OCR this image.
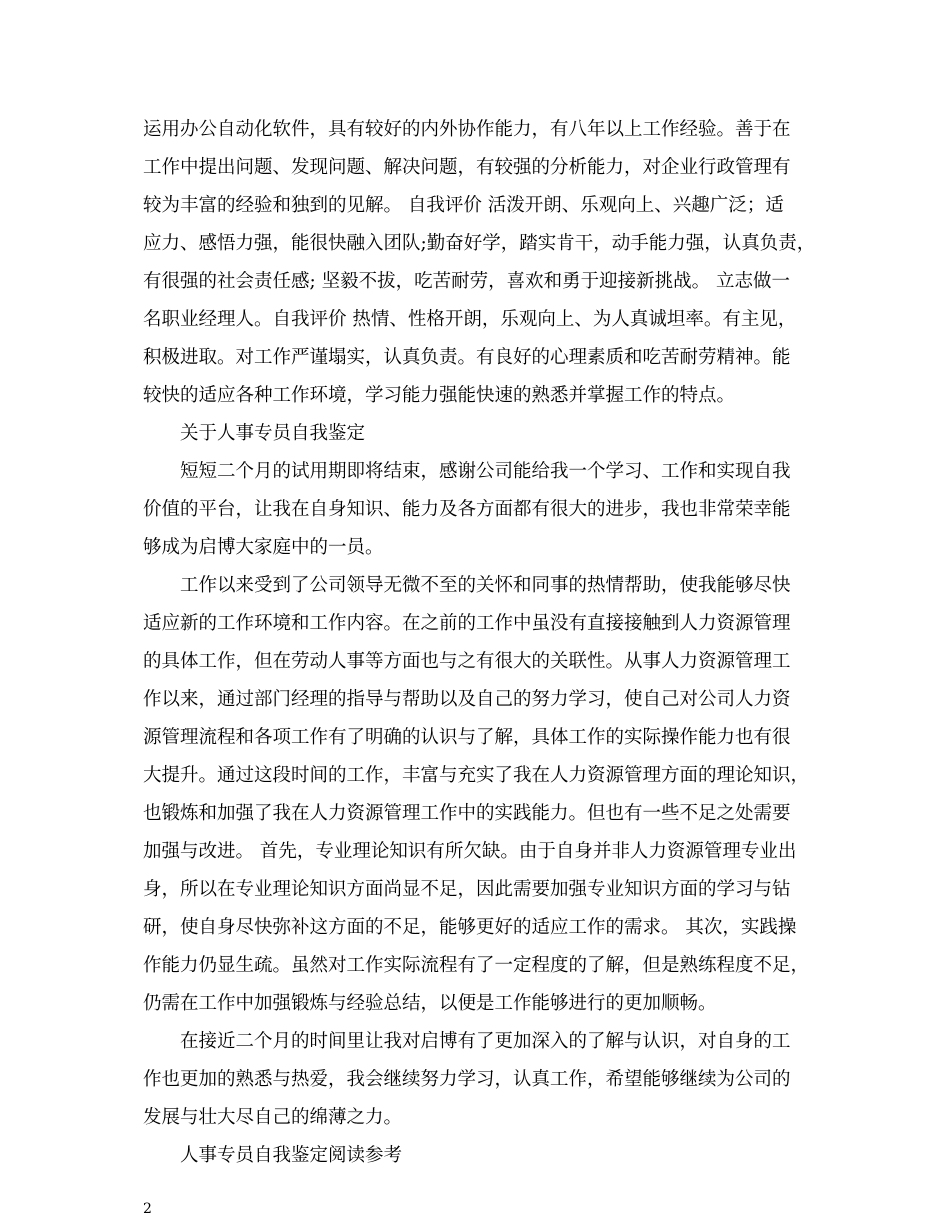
运用办公自动化软件，具有较好的内外协作能力，有八年以上工作经验。善于在
工作中提出问题、发现问题、解决问题，有较强的分析能力，对企业行政管理有
较为丰富的经验和独到的见解。 自我评价 活泼开朗、乐观向上、兴趣广泛；适
应力、感悟力强，能很快融入团队;勤奋好学，踏实肯干，动手能力强，认真负责，
有很强的社会责任感; 坚毅不拔，吃苦耐劳，喜欢和勇于迎接新挑战。 立志做一
名职业经理人。自我评价 热情、性格开朗，乐观向上、为人真诚坦率。有主见，
积极进取。对工作严谨塌实，认真负责。有良好的心理素质和吃苦耐劳精神。能
较快的适应各种工作环境，学习能力强能快速的熟悉并掌握工作的特点。
关于人事专员自我鉴定
短短二个月的试用期即将结束，感谢公司能给我一个学习、工作和实现自我
价值的平台，让我在自身知识、能力及各方面都有很大的进步，我也非常荣幸能
够成为启博大家庭中的一员。
工作以来受到了公司领导无微不至的关怀和同事的热情帮助，使我能够尽快
适应新的工作环境和工作内容。在之前的工作中虽没有直接接触到人力资源管理
的具体工作，但在劳动人事等方面也与之有很大的关联性。从事人力资源管理工
作以来，通过部门经理的指导与帮助以及自己的努力学习，使自己对公司人力资
源管理流程和各项工作有了明确的认识与了解，具体工作的实际操作能力也有很
大提升。通过这段时间的工作，丰富与充实了我在人力资源管理方面的理论知识，
也锻炼和加强了我在人力资源管理工作中的实践能力。但也有一些不足之处需要
加强与改进。 首先，专业理论知识有所欠缺。由于自身并非人力资源管理专业出
身，所以在专业理论知识方面尚显不足，因此需要加强专业知识方面的学习与钻
研，使自身尽快弥补这方面的不足，能够更好的适应工作的需求。 其次，实践操
作能力仍显生疏。虽然对工作实际流程有了一定程度的了解，但是熟练程度不足，
仍需在工作中加强锻炼与经验总结，以便是工作能够进行的更加顺畅。
在接近二个月的时间里让我对启博有了更加深入的了解与认识，对自身的工
作也更加的熟悉与热爱，我会继续努力学习，认真工作，希望能够继续为公司的
发展与壮大尽自己的绵薄之力。
人事专员自我鉴定阅读参考
2
